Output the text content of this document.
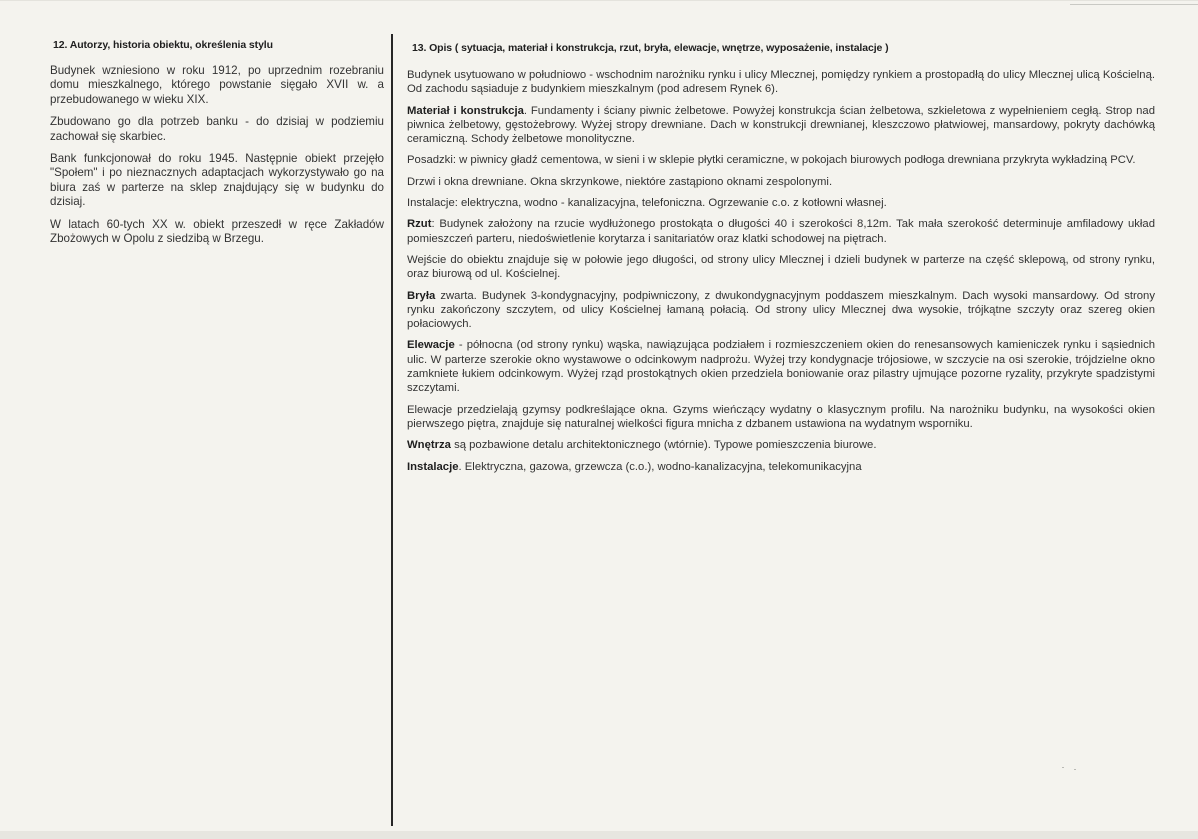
12. Autorzy, historia obiektu, określenia stylu

Budynek wzniesiono w roku 1912, po uprzednim rozebraniu domu mieszkalnego, którego powstanie sięgało XVII w. a przebudowanego w wieku XIX.

Zbudowano go dla potrzeb banku - do dzisiaj w podziemiu zachował się skarbiec.

Bank funkcjonował do roku 1945. Następnie obiekt przejęło "Społem" i po nieznacznych adaptacjach wykorzystywało go na biura zaś w parterze na sklep znajdujący się w budynku do dzisiaj.

W latach 60-tych XX w. obiekt przeszedł w ręce Zakładów Zbożowych w Opolu z siedzibą w Brzegu.

13. Opis ( sytuacja, materiał i konstrukcja, rzut, bryła, elewacje, wnętrze, wyposażenie, instalacje )

Budynek usytuowano w południowo - wschodnim narożniku rynku i ulicy Mlecznej, pomiędzy rynkiem a prostopadłą do ulicy Mlecznej ulicą Kościelną. Od zachodu sąsiaduje z budynkiem mieszkalnym (pod adresem Rynek 6).

Materiał i konstrukcja. Fundamenty i ściany piwnic żelbetowe. Powyżej konstrukcja ścian żelbetowa, szkieletowa z wypełnieniem cegłą. Strop nad piwnica żelbetowy, gęstożebrowy. Wyżej stropy drewniane. Dach w konstrukcji drewnianej, kleszczowo płatwiowej, mansardowy, pokryty dachówką ceramiczną. Schody żelbetowe monolityczne.

Posadzki: w piwnicy gładź cementowa, w sieni i w sklepie płytki ceramiczne, w pokojach biurowych podłoga drewniana przykryta wykładziną PCV.

Drzwi i okna drewniane. Okna skrzynkowe, niektóre zastąpiono oknami zespolonymi.

Instalacje: elektryczna, wodno - kanalizacyjna, telefoniczna. Ogrzewanie c.o. z kotłowni własnej.

Rzut: Budynek założony na rzucie wydłużonego prostokąta o długości 40 i szerokości 8,12m. Tak mała szerokość determinuje amfiladowy układ pomieszczeń parteru, niedoświetlenie korytarza i sanitariatów oraz klatki schodowej na piętrach.

Wejście do obiektu znajduje się w połowie jego długości, od strony ulicy Mlecznej i dzieli budynek w parterze na część sklepową, od strony rynku, oraz biurową od ul. Kościelnej.

Bryła zwarta. Budynek 3-kondygnacyjny, podpiwniczony, z dwukondygnacyjnym poddaszem mieszkalnym. Dach wysoki mansardowy. Od strony rynku zakończony szczytem, od ulicy Kościelnej łamaną połacią. Od strony ulicy Mlecznej dwa wysokie, trójkątne szczyty oraz szereg okien połaciowych.

Elewacje - północna (od strony rynku) wąska, nawiązująca podziałem i rozmieszczeniem okien do renesansowych kamieniczek rynku i sąsiednich ulic. W parterze szerokie okno wystawowe o odcinkowym nadprożu. Wyżej trzy kondygnacje trójosiowe, w szczycie na osi szerokie, trójdzielne okno zamkniete łukiem odcinkowym. Wyżej rząd prostokątnych okien przedziela boniowanie oraz pilastry ujmujące pozorne ryzality, przykryte spadzistymi szczytami.

Elewacje przedzielają gzymsy podkreślające okna. Gzyms wieńczący wydatny o klasycznym profilu. Na narożniku budynku, na wysokości okien pierwszego piętra, znajduje się naturalnej wielkości figura mnicha z dzbanem ustawiona na wydatnym wsporniku.

Wnętrza są pozbawione detalu architektonicznego (wtórnie). Typowe pomieszczenia biurowe.

Instalacje. Elektryczna, gazowa, grzewcza (c.o.), wodno-kanalizacyjna, telekomunikacyjna
